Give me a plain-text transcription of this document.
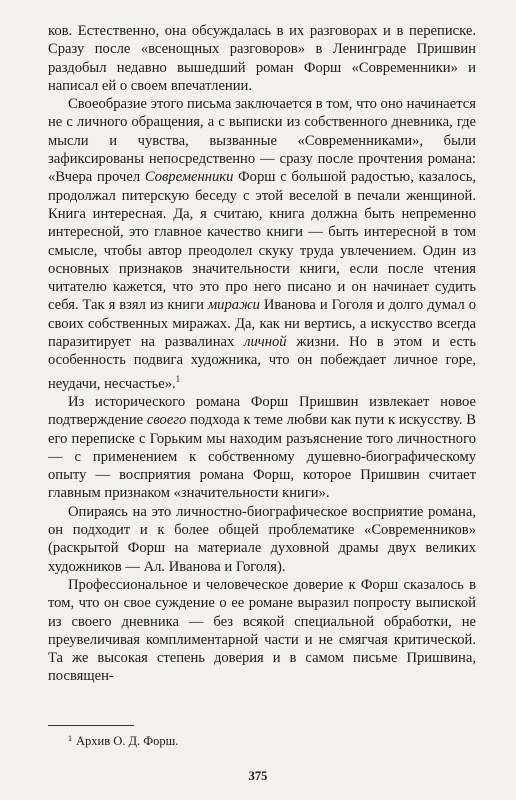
ков. Естественно, она обсуждалась в их разговорах и в переписке. Сразу после «всенощных разговоров» в Ленинграде Пришвин раздобыл недавно вышедший роман Форш «Современники» и написал ей о своем впечатлении.

Своеобразие этого письма заключается в том, что оно начинается не с личного обращения, а с выписки из собственного дневника, где мысли и чувства, вызванные «Современниками», были зафиксированы непосредственно — сразу после прочтения романа: «Вчера прочел Современники Форш с большой радостью, казалось, продолжал питерскую беседу с этой веселой в печали женщиной. Книга интересная. Да, я считаю, книга должна быть непременно интересной, это главное качество книги — быть интересной в том смысле, чтобы автор преодолел скуку труда увлечением. Один из основных признаков значительности книги, если после чтения читателю кажется, что это про него писано и он начинает судить себя. Так я взял из книги миражи Иванова и Гоголя и долго думал о своих собственных миражах. Да, как ни вертись, а искусство всегда паразитирует на развалинах личной жизни. Но в этом и есть особенность подвига художника, что он побеждает личное горе, неудачи, несчастье».$^1$

Из исторического романа Форш Пришвин извлекает новое подтверждение своего подхода к теме любви как пути к искусству. В его переписке с Горьким мы находим разъяснение того личностного — с применением к собственному душевно-биографическому опыту — восприятия романа Форш, которое Пришвин считает главным признаком «значительности книги».

Опираясь на это личностно-биографическое восприятие романа, он подходит и к более общей проблематике «Современников» (раскрытой Форш на материале духовной драмы двух великих художников — Ал. Иванова и Гоголя).

Профессиональное и человеческое доверие к Форш сказалось в том, что он свое суждение о ее романе выразил попросту выпиской из своего дневника — без всякой специальной обработки, не преувеличивая комплиментарной части и не смягчая критической. Та же высокая степень доверия и в самом письме Пришвина, посвящен-

$^1$ Архив О. Д. Форш.
375
